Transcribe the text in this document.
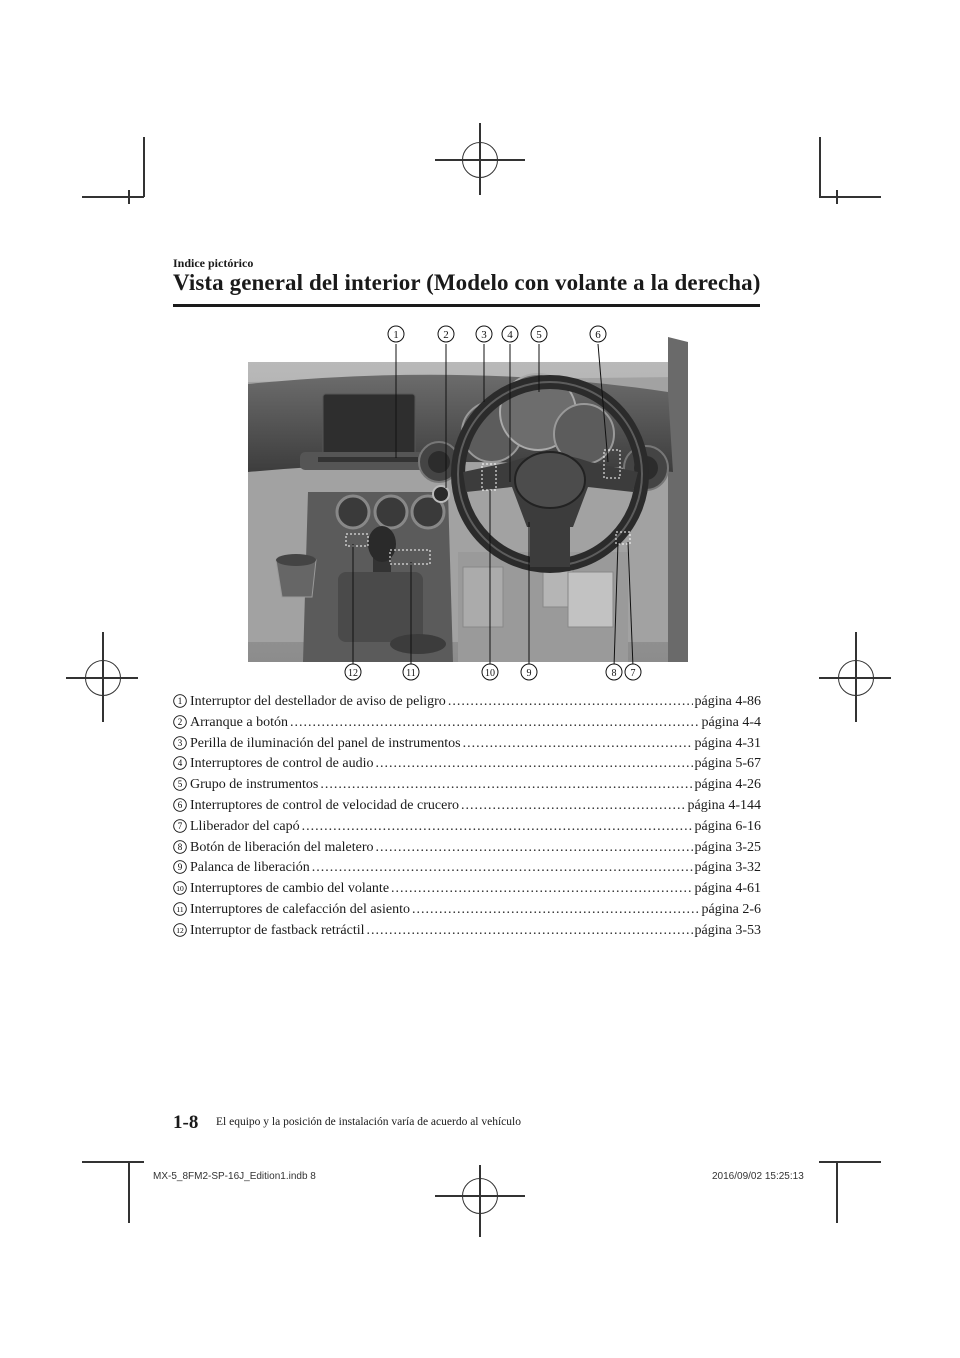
Indice pictórico
Vista general del interior (Modelo con volante a la derecha)
1	2	3 4 5	6
12	11	10	9	8 7
1 Interruptor del destellador de aviso de peligro .....	página 4-86
2 Arranque a botón .....	página 4-4
3 Perilla de iluminación del panel de instrumentos .....	página 4-31
4 Interruptores de control de audio .....	página 5-67
5 Grupo de instrumentos .....	página 4-26
6 Interruptores de control de velocidad de crucero .....	página 4-144
7 Lliberador del capó .....	página 6-16
8 Botón de liberación del maletero .....	página 3-25
9 Palanca de liberación .....	página 3-32
10 Interruptores de cambio del volante .....	página 4-61
11 Interruptores de calefacción del asiento .....	página 2-6
12 Interruptor de fastback retráctil .....	página 3-53
1-8 El equipo y la posición de instalación varía de acuerdo al vehículo
MX-5_8FM2-SP-16J_Edition1.indb 8	2016/09/02 15:25:13
